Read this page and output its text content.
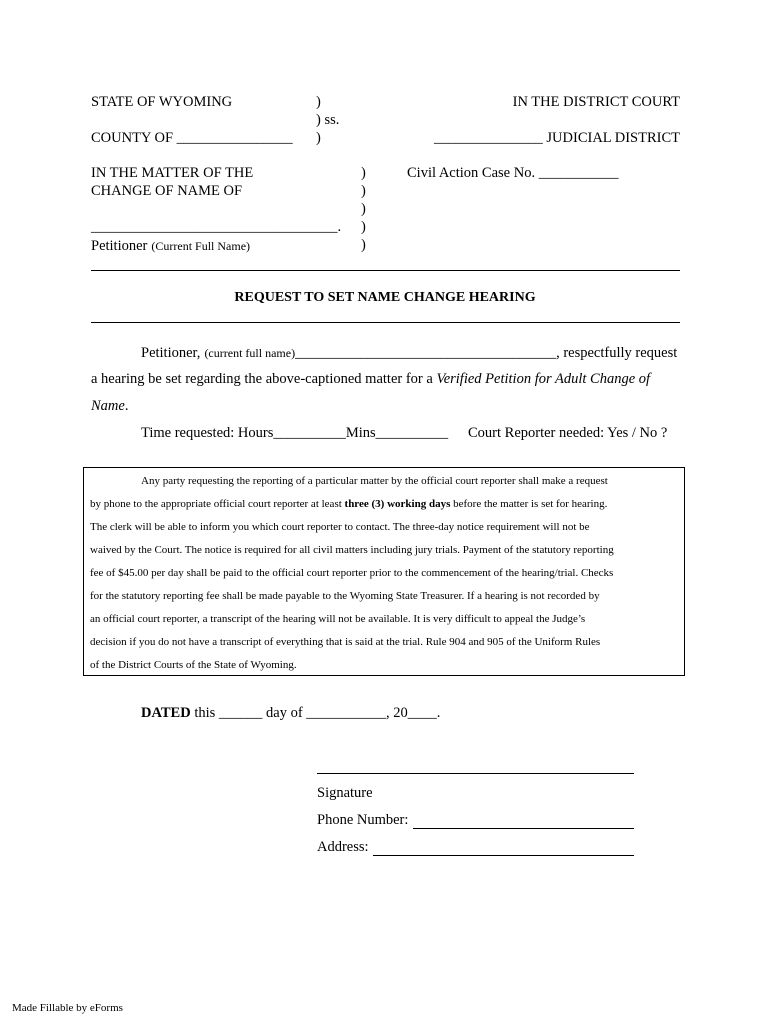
STATE OF WYOMING	)
) ss.
)
IN THE DISTRICT COURT
COUNTY OF ________________	_______________ JUDICIAL DISTRICT
IN THE MATTER OF THE
CHANGE OF NAME OF
Civil Action Case No. ___________
)
)
)
)
)
__________________________________.
Petitioner (Current Full Name)
REQUEST TO SET NAME CHANGE HEARING
Petitioner, (current full name)____________________________________, respectfully request
a hearing be set regarding the above-captioned matter for a Verified Petition for Adult Change of
Name.
Time requested: Hours__________Mins__________ Court Reporter needed: Yes / No ?
Any party requesting the reporting of a particular matter by the official court reporter shall make a request
by phone to the appropriate official court reporter at least three (3) working days before the matter is set for hearing.
The clerk will be able to inform you which court reporter to contact. The three-day notice requirement will not be
waived by the Court. The notice is required for all civil matters including jury trials. Payment of the statutory reporting
fee of $45.00 per day shall be paid to the official court reporter prior to the commencement of the hearing/trial. Checks
for the statutory reporting fee shall be made payable to the Wyoming State Treasurer. If a hearing is not recorded by
an official court reporter, a transcript of the hearing will not be available. It is very difficult to appeal the Judge’s
decision if you do not have a transcript of everything that is said at the trial. Rule 904 and 905 of the Uniform Rules
of the District Courts of the State of Wyoming.
DATED this ______ day of ___________, 20____.
Signature
Phone Number:
Address:
Made Fillable by eForms
